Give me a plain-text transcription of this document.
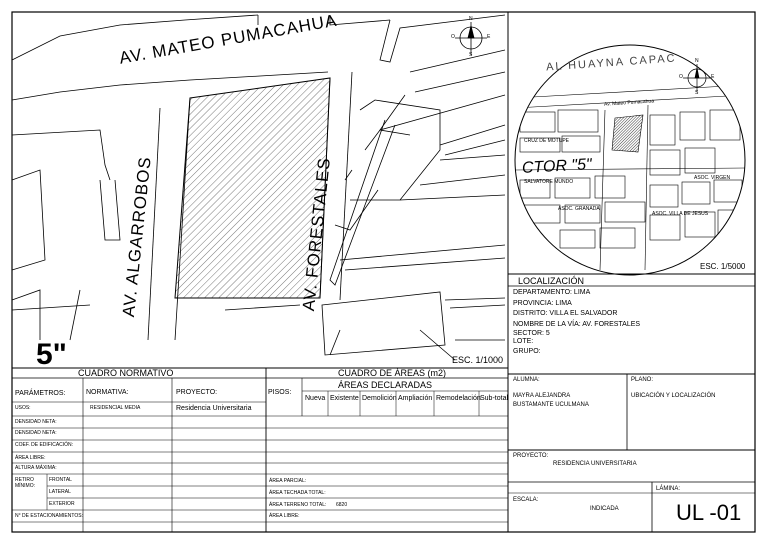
AV. MATEO PUMACAHUA
AV. ALGARROBOS	AV. FORESTALES
5"	ESC. 1/1000
N
S
E
O
AL HUAYNA CAPAC
Av. Mateo Pumacahua
CTOR "5"
CRUZ DE MOTUPE
SALVATORE MUNDO
ASOC. GRANADA
ASOC. VILLA DE JESUS
ASOC. VIRGEN
N
S
E
O
ESC. 1/5000
LOCALIZACIÓN
DEPARTAMENTO: LIMA
PROVINCIA: LIMA
DISTRITO: VILLA EL SALVADOR
NOMBRE DE LA VÍA: AV. FORESTALES
SECTOR: 5
LOTE:
GRUPO:
ALUMNA:
MAYRA ALEJANDRA
BUSTAMANTE UCULMANA
PLANO:
UBICACIÓN Y LOCALIZACIÓN
PROYECTO:
RESIDENCIA UNIVERSITARIA
ESCALA:
INDICADA
LÁMINA:
UL -01
CUADRO NORMATIVO
PARÁMETROS:	NORMATIVA:	PROYECTO:
USOS:	RESIDENCIAL MEDIA	Residencia Universitaria
DENSIDAD NETA:
DENSIDAD NETA:
COEF. DE EDIFICACIÓN:
ÁREA LIBRE:
ALTURA MÁXIMA:
RETIRO MÍNIMO:
FRONTAL
LATERAL
EXTERIOR
N° DE ESTACIONAMIENTOS:
CUADRO DE ÁREAS (m2)
ÁREAS DECLARADAS
PISOS:
Nueva Existente Demolición Ampliación Remodelación Sub-total
ÁREA PARCIAL:
ÁREA TECHADA TOTAL:
ÁREA TERRENO TOTAL: 6820
ÁREA LIBRE:
